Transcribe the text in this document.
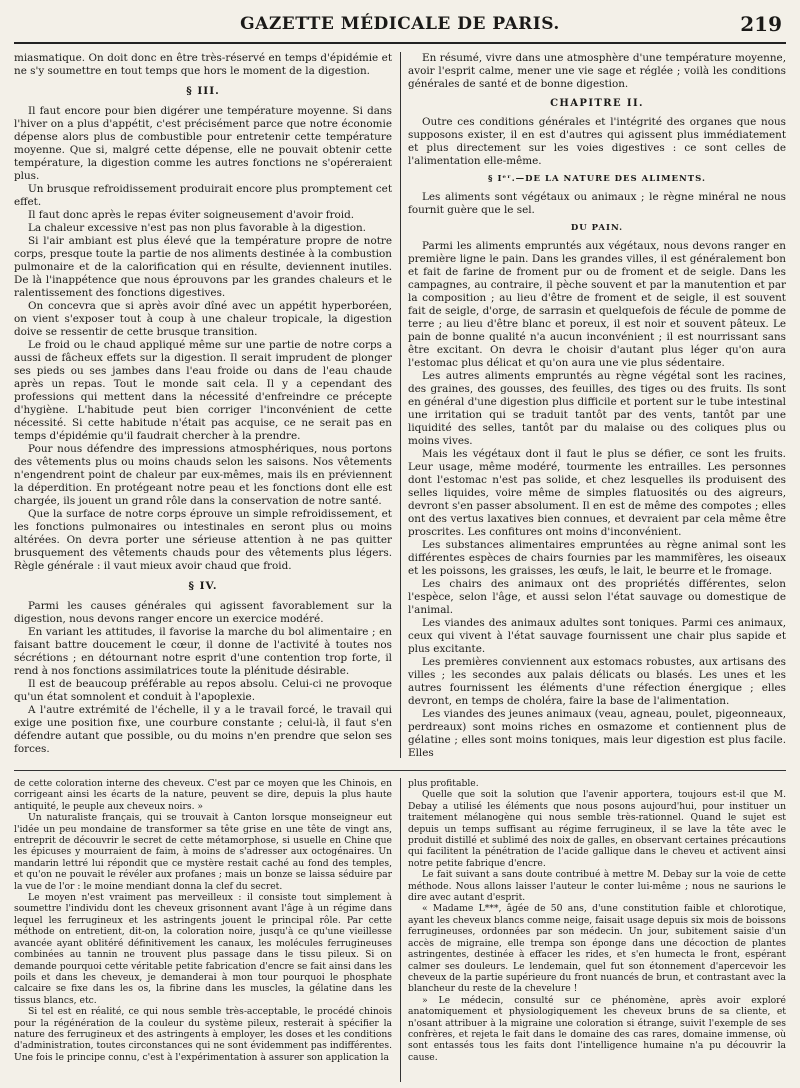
GAZETTE MÉDICALE DE PARIS.	219

miasmatique. On doit donc en être très-réservé en temps d'épidémie et ne s'y soumettre en tout temps que hors le moment de la digestion.

§ III.

Il faut encore pour bien digérer une température moyenne. Si dans l'hiver on a plus d'appétit, c'est précisément parce que notre économie dépense alors plus de combustible pour entretenir cette température moyenne. Que si, malgré cette dépense, elle ne pouvait obtenir cette température, la digestion comme les autres fonctions ne s'opéreraient plus.

Un brusque refroidissement produirait encore plus promptement cet effet.

Il faut donc après le repas éviter soigneusement d'avoir froid.

La chaleur excessive n'est pas non plus favorable à la digestion.

Si l'air ambiant est plus élevé que la température propre de notre corps, presque toute la partie de nos aliments destinée à la combustion pulmonaire et de la calorification qui en résulte, deviennent inutiles. De là l'inappétence que nous éprouvons par les grandes chaleurs et le ralentissement des fonctions digestives.

On concevra que si après avoir dîné avec un appétit hyperboréen, on vient s'exposer tout à coup à une chaleur tropicale, la digestion doive se ressentir de cette brusque transition.

Le froid ou le chaud appliqué même sur une partie de notre corps a aussi de fâcheux effets sur la digestion. Il serait imprudent de plonger ses pieds ou ses jambes dans l'eau froide ou dans de l'eau chaude après un repas. Tout le monde sait cela. Il y a cependant des professions qui mettent dans la nécessité d'enfreindre ce précepte d'hygiène. L'habitude peut bien corriger l'inconvénient de cette nécessité. Si cette habitude n'était pas acquise, ce ne serait pas en temps d'épidémie qu'il faudrait chercher à la prendre.

Pour nous défendre des impressions atmosphériques, nous portons des vêtements plus ou moins chauds selon les saisons. Nos vêtements n'engendrent point de chaleur par eux-mêmes, mais ils en préviennent la déperdition. En protégeant notre peau et les fonctions dont elle est chargée, ils jouent un grand rôle dans la conservation de notre santé.

Que la surface de notre corps éprouve un simple refroidissement, et les fonctions pulmonaires ou intestinales en seront plus ou moins altérées. On devra porter une sérieuse attention à ne pas quitter brusquement des vêtements chauds pour des vêtements plus légers. Règle générale : il vaut mieux avoir chaud que froid.

§ IV.

Parmi les causes générales qui agissent favorablement sur la digestion, nous devons ranger encore un exercice modéré.

En variant les attitudes, il favorise la marche du bol alimentaire ; en faisant battre doucement le cœur, il donne de l'activité à toutes nos sécrétions ; en détournant notre esprit d'une contention trop forte, il rend à nos fonctions assimilatrices toute la plénitude désirable.

Il est de beaucoup préférable au repos absolu. Celui-ci ne provoque qu'un état somnolent et conduit à l'apoplexie.

A l'autre extrémité de l'échelle, il y a le travail forcé, le travail qui exige une position fixe, une courbure constante ; celui-là, il faut s'en défendre autant que possible, ou du moins n'en prendre que selon ses forces.

En résumé, vivre dans une atmosphère d'une température moyenne, avoir l'esprit calme, mener une vie sage et réglée ; voilà les conditions générales de santé et de bonne digestion.

CHAPITRE II.

Outre ces conditions générales et l'intégrité des organes que nous supposons exister, il en est d'autres qui agissent plus immédiatement et plus directement sur les voies digestives : ce sont celles de l'alimentation elle-même.

§ Iᵉʳ.—DE LA NATURE DES ALIMENTS.

Les aliments sont végétaux ou animaux ; le règne minéral ne nous fournit guère que le sel.

DU PAIN.

Parmi les aliments empruntés aux végétaux, nous devons ranger en première ligne le pain. Dans les grandes villes, il est généralement bon et fait de farine de froment pur ou de froment et de seigle. Dans les campagnes, au contraire, il pèche souvent et par la manutention et par la composition ; au lieu d'être de froment et de seigle, il est souvent fait de seigle, d'orge, de sarrasin et quelquefois de fécule de pomme de terre ; au lieu d'être blanc et poreux, il est noir et souvent pâteux. Le pain de bonne qualité n'a aucun inconvénient ; il est nourrissant sans être excitant. On devra le choisir d'autant plus léger qu'on aura l'estomac plus délicat et qu'on aura une vie plus sédentaire.

Les autres aliments empruntés au règne végétal sont les racines, des graines, des gousses, des feuilles, des tiges ou des fruits. Ils sont en général d'une digestion plus difficile et portent sur le tube intestinal une irritation qui se traduit tantôt par des vents, tantôt par une liquidité des selles, tantôt par du malaise ou des coliques plus ou moins vives.

Mais les végétaux dont il faut le plus se défier, ce sont les fruits. Leur usage, même modéré, tourmente les entrailles. Les personnes dont l'estomac n'est pas solide, et chez lesquelles ils produisent des selles liquides, voire même de simples flatuosités ou des aigreurs, devront s'en passer absolument. Il en est de même des compotes ; elles ont des vertus laxatives bien connues, et devraient par cela même être proscrites. Les confitures ont moins d'inconvénient.

Les substances alimentaires empruntées au règne animal sont les différentes espèces de chairs fournies par les mammifères, les oiseaux et les poissons, les graisses, les œufs, le lait, le beurre et le fromage.

Les chairs des animaux ont des propriétés différentes, selon l'espèce, selon l'âge, et aussi selon l'état sauvage ou domestique de l'animal.

Les viandes des animaux adultes sont toniques. Parmi ces animaux, ceux qui vivent à l'état sauvage fournissent une chair plus sapide et plus excitante.

Les premières conviennent aux estomacs robustes, aux artisans des villes ; les secondes aux palais délicats ou blasés. Les unes et les autres fournissent les éléments d'une réfection énergique ; elles devront, en temps de choléra, faire la base de l'alimentation.

Les viandes des jeunes animaux (veau, agneau, poulet, pigeonneaux, perdreaux) sont moins riches en osmazome et contiennent plus de gélatine ; elles sont moins toniques, mais leur digestion est plus facile. Elles

de cette coloration interne des cheveux. C'est par ce moyen que les Chinois, en corrigeant ainsi les écarts de la nature, peuvent se dire, depuis la plus haute antiquité, le peuple aux cheveux noirs. »

Un naturaliste français, qui se trouvait à Canton lorsque monseigneur eut l'idée un peu mondaine de transformer sa tête grise en une tête de vingt ans, entreprit de découvrir le secret de cette métamorphose, si usuelle en Chine que les épicuses y mourraient de faim, à moins de s'adresser aux octogénaires. Un mandarin lettré lui répondit que ce mystère restait caché au fond des temples, et qu'on ne pouvait le révéler aux profanes ; mais un bonze se laissa séduire par la vue de l'or : le moine mendiant donna la clef du secret.

Le moyen n'est vraiment pas merveilleux : il consiste tout simplement à soumettre l'individu dont les cheveux grisonnent avant l'âge à un régime dans lequel les ferrugineux et les astringents jouent le principal rôle. Par cette méthode on entretient, dit-on, la coloration noire, jusqu'à ce qu'une vieillesse avancée ayant oblitéré définitivement les canaux, les molécules ferrugineuses combinées au tannin ne trouvent plus passage dans le tissu pileux. Si on demande pourquoi cette véritable petite fabrication d'encre se fait ainsi dans les poils et dans les cheveux, je demanderai à mon tour pourquoi le phosphate calcaire se fixe dans les os, la fibrine dans les muscles, la gélatine dans les tissus blancs, etc.

Si tel est en réalité, ce qui nous semble très-acceptable, le procédé chinois pour la régénération de la couleur du système pileux, resterait à spécifier la nature des ferrugineux et des astringents à employer, les doses et les conditions d'administration, toutes circonstances qui ne sont évidemment pas indifférentes. Une fois le principe connu, c'est à l'expérimentation à assurer son application la

plus profitable.

Quelle que soit la solution que l'avenir apportera, toujours est-il que M. Debay a utilisé les éléments que nous posons aujourd'hui, pour instituer un traitement mélanogène qui nous semble très-rationnel. Quand le sujet est depuis un temps suffisant au régime ferrugineux, il se lave la tête avec le produit distillé et sublimé des noix de galles, en observant certaines précautions qui facilitent la pénétration de l'acide gallique dans le cheveu et activent ainsi notre petite fabrique d'encre.

Le fait suivant a sans doute contribué à mettre M. Debay sur la voie de cette méthode. Nous allons laisser l'auteur le conter lui-même ; nous ne saurions le dire avec autant d'esprit.

« Madame L***, âgée de 50 ans, d'une constitution faible et chlorotique, ayant les cheveux blancs comme neige, faisait usage depuis six mois de boissons ferrugineuses, ordonnées par son médecin. Un jour, subitement saisie d'un accès de migraine, elle trempa son éponge dans une décoction de plantes astringentes, destinée à effacer les rides, et s'en humecta le front, espérant calmer ses douleurs. Le lendemain, quel fut son étonnement d'apercevoir les cheveux de la partie supérieure du front nuancés de brun, et contrastant avec la blancheur du reste de la chevelure !

» Le médecin, consulté sur ce phénomène, après avoir exploré anatomiquement et physiologiquement les cheveux bruns de sa cliente, et n'osant attribuer à la migraine une coloration si étrange, suivit l'exemple de ses confrères, et rejeta le fait dans le domaine des cas rares, domaine immense, où sont entassés tous les faits dont l'intelligence humaine n'a pu découvrir la cause.
